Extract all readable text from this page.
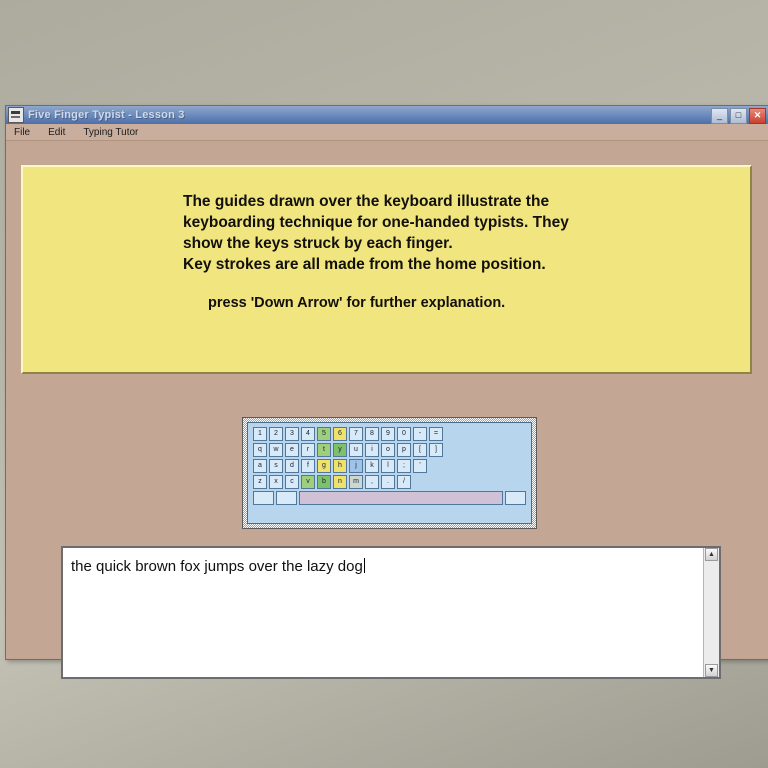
Five Finger Typist - Lesson 3	_	□	✕
File Edit Typing Tutor
The guides drawn over the keyboard illustrate the
keyboarding technique for one-handed typists. They
show the keys struck by each finger.
Key strokes are all made from the home position.
press 'Down Arrow' for further explanation.
1	2	3	4	5	6	7	8	9	0	-	=
q	w	e	r	t	y	u	i	o	p	[	]
a	s	d	f	g	h	j	k	l	;	'
z	x	c	v	b	n	m	,	.	/
the quick brown fox jumps over the lazy dog
▲
▼
